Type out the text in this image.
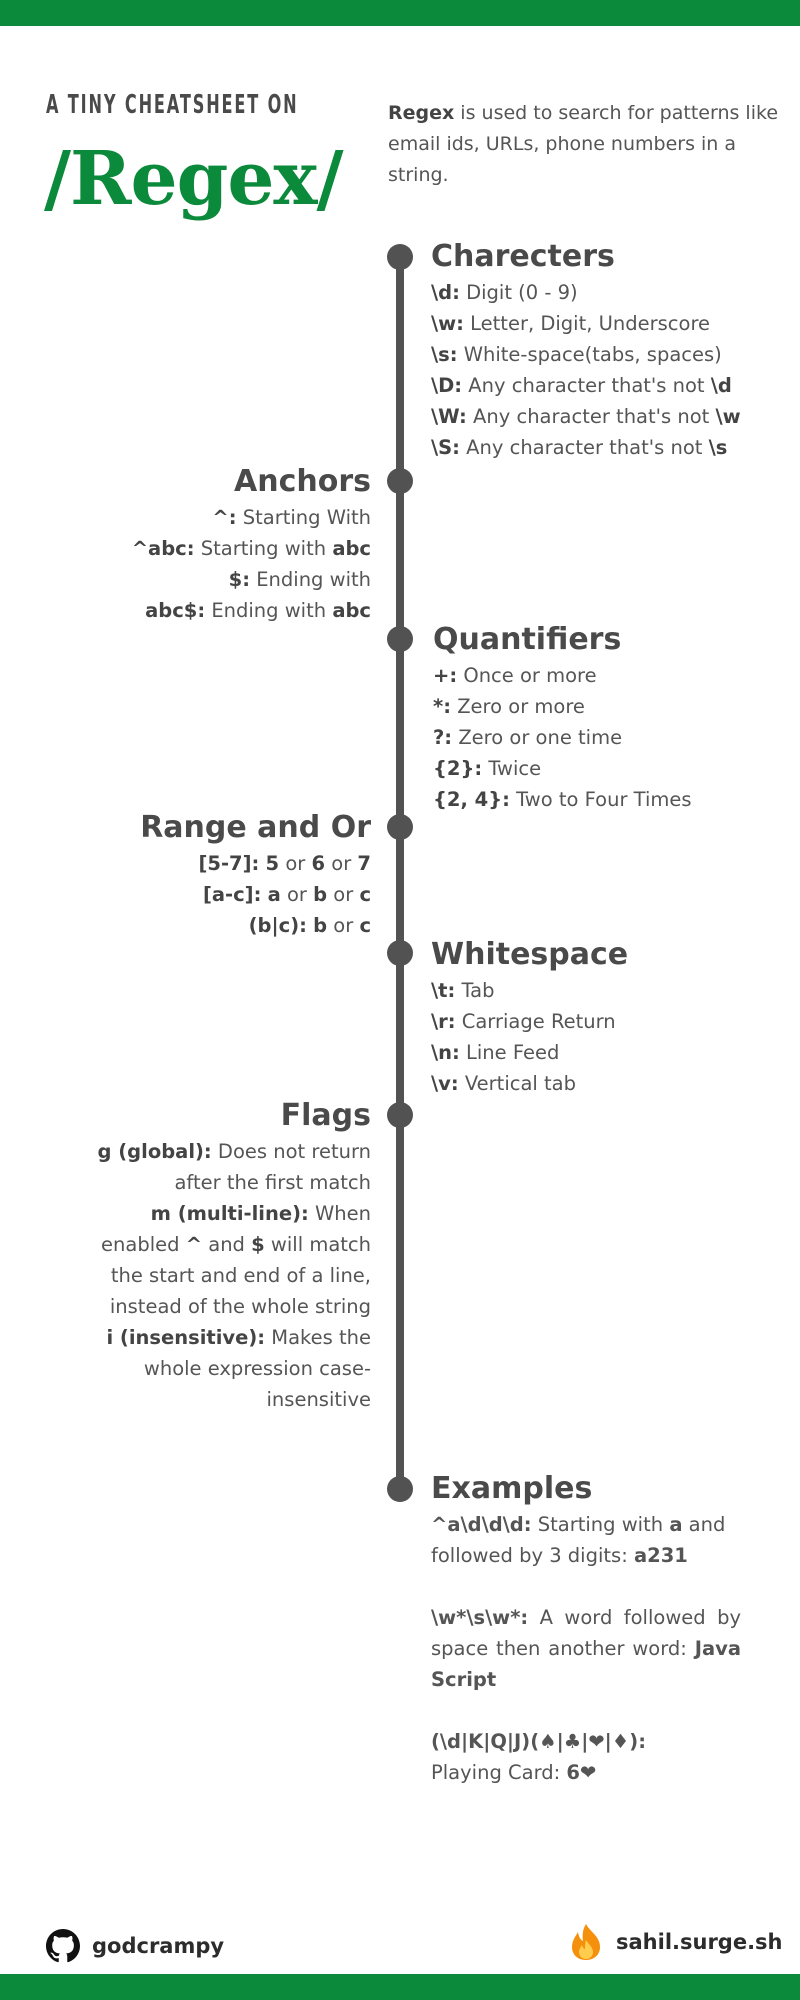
A TINY CHEATSHEET ON
/Regex/
Regex is used to search for patterns like email ids, URLs, phone numbers in a string.
Charecters
\d: Digit (0 - 9)
\w: Letter, Digit, Underscore
\s: White-space(tabs, spaces)
\D: Any character that's not \d
\W: Any character that's not \w
\S: Any character that's not \s
Anchors
^: Starting With
^abc: Starting with abc
$: Ending with
abc$: Ending with abc
Quantifiers
+: Once or more
*: Zero or more
?: Zero or one time
{2}: Twice
{2, 4}: Two to Four Times
Range and Or
[5-7]: 5 or 6 or 7
[a-c]: a or b or c
(b|c): b or c
Whitespace
\t: Tab
\r: Carriage Return
\n: Line Feed
\v: Vertical tab
Flags
g (global): Does not return after the first match
m (multi-line): When enabled ^ and $ will match the start and end of a line, instead of the whole string
i (insensitive): Makes the whole expression case-insensitive
Examples
^a\d\d\d: Starting with a and followed by 3 digits: a231
\w*\s\w*: A word followed by space then another word: Java Script
(\d|K|Q|J)(♠|♣|❤|♦):
Playing Card: 6❤
godcrampy	sahil.surge.sh
